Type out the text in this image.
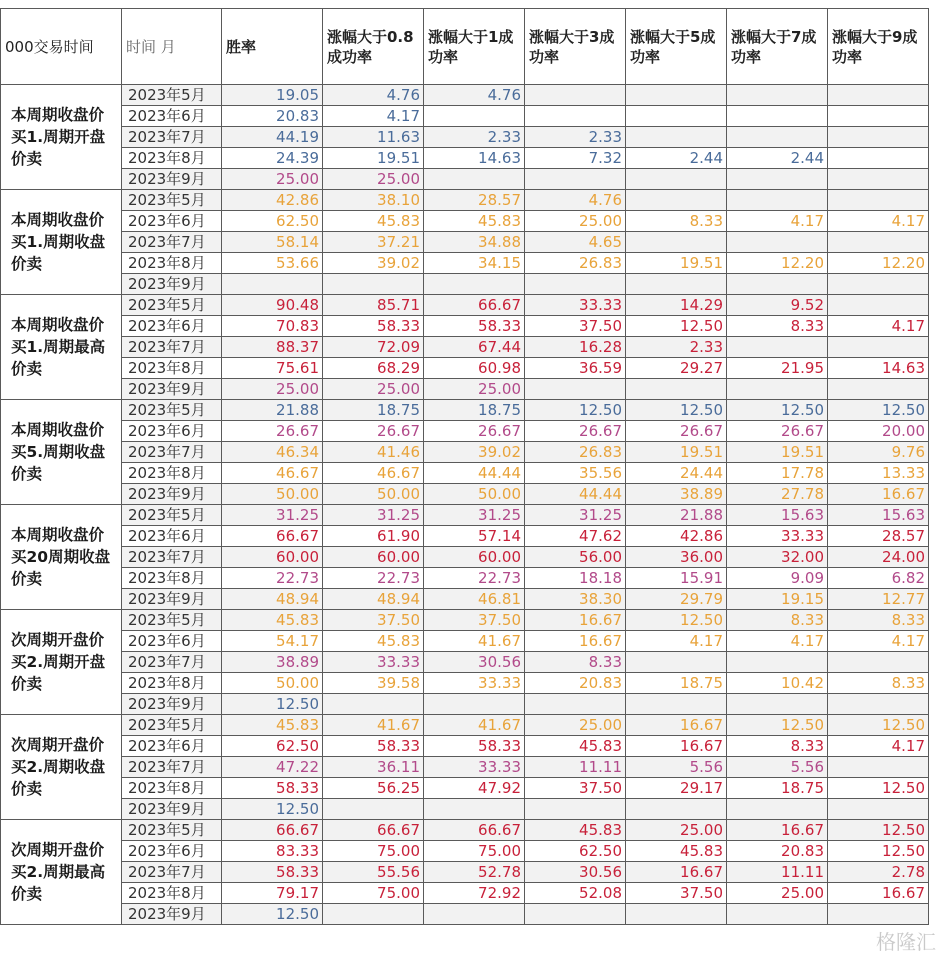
000交易时间	时间 月	胜率	涨幅大于0.8成功率	涨幅大于1成功率	涨幅大于3成功率	涨幅大于5成功率	涨幅大于7成功率	涨幅大于9成功率
本周期收盘价买1.周期开盘价卖	2023年5月	19.05	4.76	4.76				
	2023年6月	20.83	4.17					
	2023年7月	44.19	11.63	2.33	2.33			
	2023年8月	24.39	19.51	14.63	7.32	2.44	2.44	
	2023年9月	25.00	25.00					
本周期收盘价买1.周期收盘价卖	2023年5月	42.86	38.10	28.57	4.76			
	2023年6月	62.50	45.83	45.83	25.00	8.33	4.17	4.17
	2023年7月	58.14	37.21	34.88	4.65			
	2023年8月	53.66	39.02	34.15	26.83	19.51	12.20	12.20
	2023年9月							
本周期收盘价买1.周期最高价卖	2023年5月	90.48	85.71	66.67	33.33	14.29	9.52	
	2023年6月	70.83	58.33	58.33	37.50	12.50	8.33	4.17
	2023年7月	88.37	72.09	67.44	16.28	2.33		
	2023年8月	75.61	68.29	60.98	36.59	29.27	21.95	14.63
	2023年9月	25.00	25.00	25.00				
本周期收盘价买5.周期收盘价卖	2023年5月	21.88	18.75	18.75	12.50	12.50	12.50	12.50
	2023年6月	26.67	26.67	26.67	26.67	26.67	26.67	20.00
	2023年7月	46.34	41.46	39.02	26.83	19.51	19.51	9.76
	2023年8月	46.67	46.67	44.44	35.56	24.44	17.78	13.33
	2023年9月	50.00	50.00	50.00	44.44	38.89	27.78	16.67
本周期收盘价买20周期收盘价卖	2023年5月	31.25	31.25	31.25	31.25	21.88	15.63	15.63
	2023年6月	66.67	61.90	57.14	47.62	42.86	33.33	28.57
	2023年7月	60.00	60.00	60.00	56.00	36.00	32.00	24.00
	2023年8月	22.73	22.73	22.73	18.18	15.91	9.09	6.82
	2023年9月	48.94	48.94	46.81	38.30	29.79	19.15	12.77
次周期开盘价买2.周期开盘价卖	2023年5月	45.83	37.50	37.50	16.67	12.50	8.33	8.33
	2023年6月	54.17	45.83	41.67	16.67	4.17	4.17	4.17
	2023年7月	38.89	33.33	30.56	8.33			
	2023年8月	50.00	39.58	33.33	20.83	18.75	10.42	8.33
	2023年9月	12.50						
次周期开盘价买2.周期收盘价卖	2023年5月	45.83	41.67	41.67	25.00	16.67	12.50	12.50
	2023年6月	62.50	58.33	58.33	45.83	16.67	8.33	4.17
	2023年7月	47.22	36.11	33.33	11.11	5.56	5.56	
	2023年8月	58.33	56.25	47.92	37.50	29.17	18.75	12.50
	2023年9月	12.50						
次周期开盘价买2.周期最高价卖	2023年5月	66.67	66.67	66.67	45.83	25.00	16.67	12.50
	2023年6月	83.33	75.00	75.00	62.50	45.83	20.83	12.50
	2023年7月	58.33	55.56	52.78	30.56	16.67	11.11	2.78
	2023年8月	79.17	75.00	72.92	52.08	37.50	25.00	16.67
	2023年9月	12.50						
格隆汇
